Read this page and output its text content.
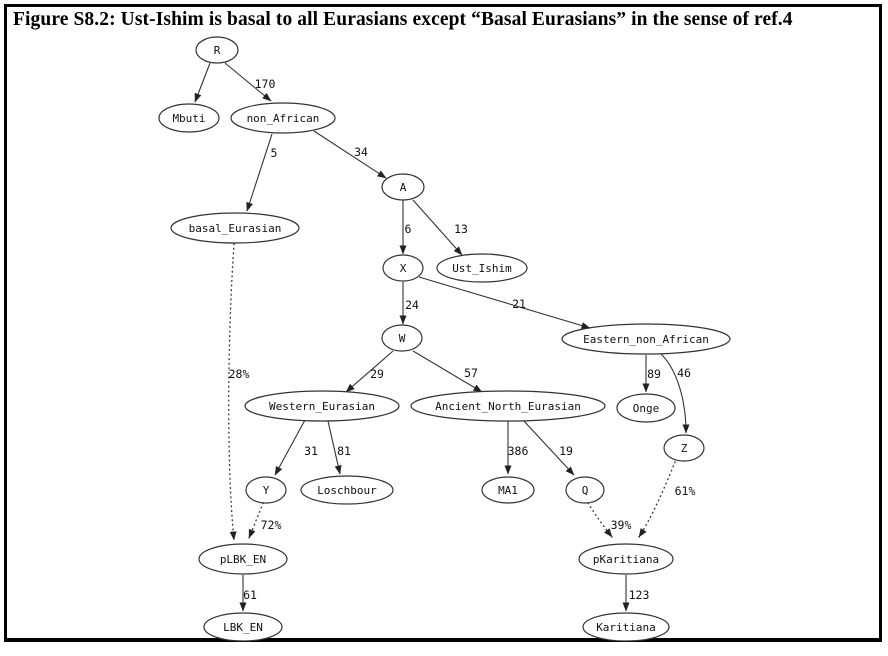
Figure S8.2: Ust-Ishim is basal to all Eurasians except “Basal Eurasians” in the sense of ref.4
170
5	34
6	13
24	21
29	57	89 46
31 81	386	19
28%
72%	39%
61%
61	123
R
Mbuti	non_African
basal_Eurasian
A
X	Ust_Ishim
W	Eastern_non_African
Western_Eurasian	Ancient_North_Eurasian	Onge
Z
Y	Loschbour	MA1	Q
pLBK_EN
LBK_EN
pKaritiana
Karitiana
